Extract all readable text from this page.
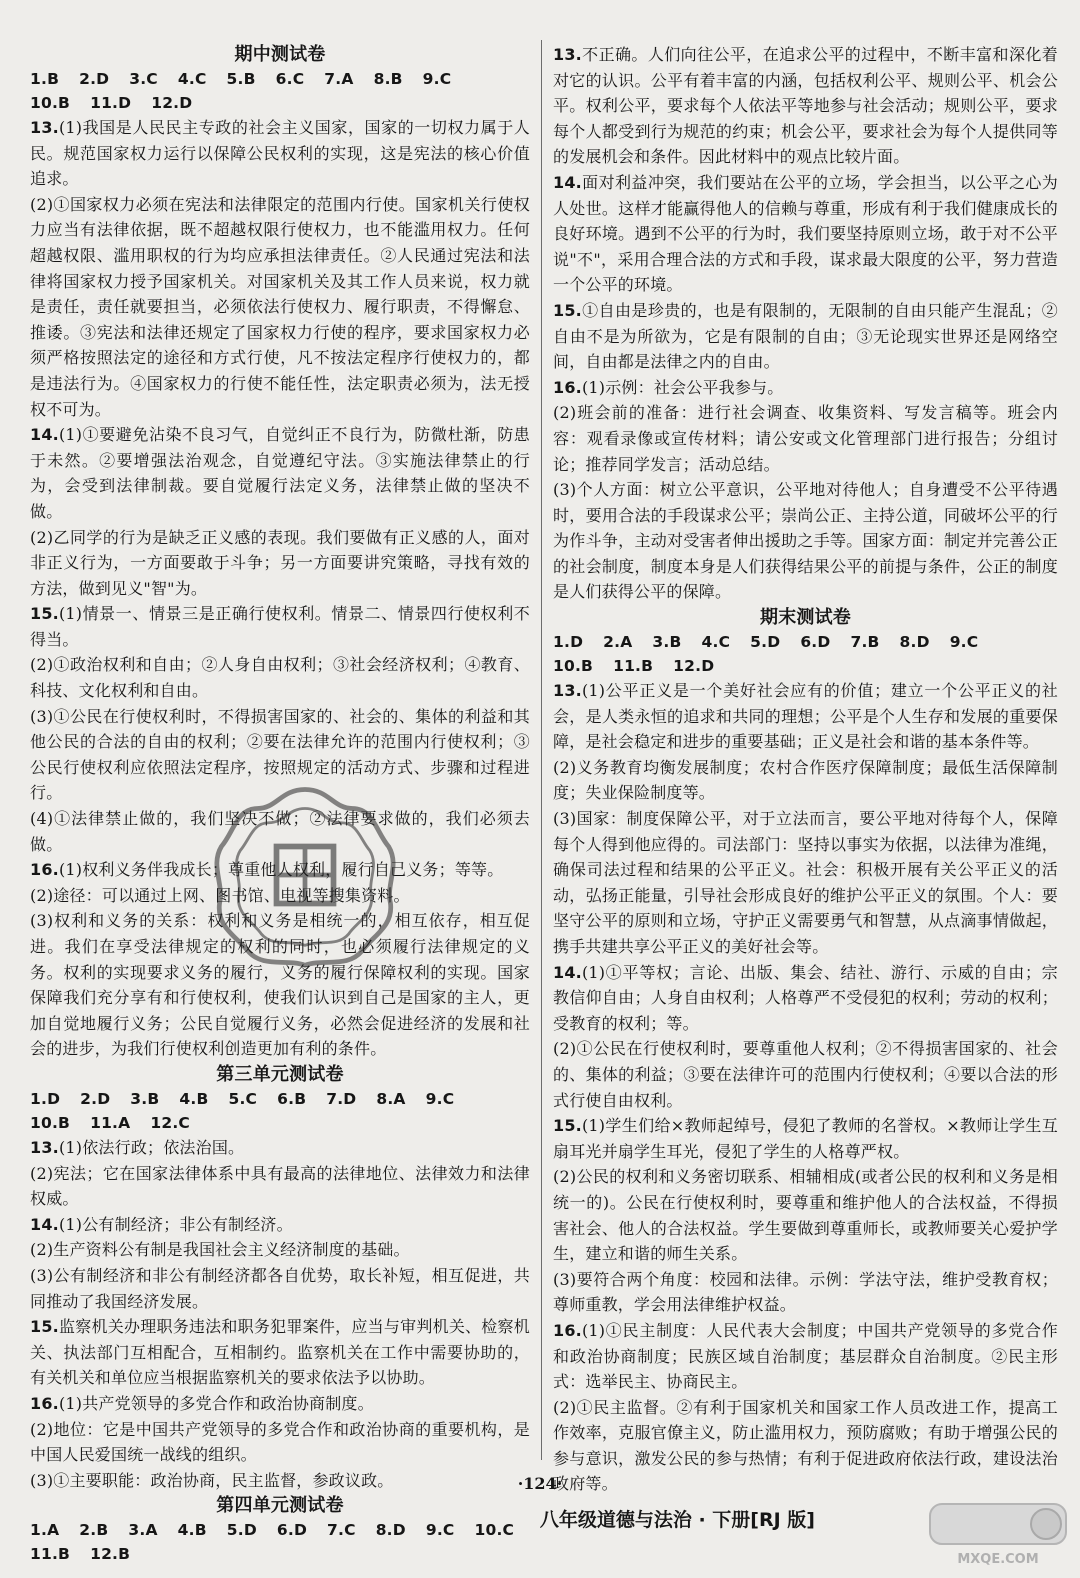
期中测试卷
1.B 2.D 3.C 4.C 5.B 6.C 7.A 8.B 9.C
10.B 11.D 12.D
13.(1)我国是人民民主专政的社会主义国家，国家的一切权力属于人民。规范国家权力运行以保障公民权利的实现，这是宪法的核心价值追求。
(2)①国家权力必须在宪法和法律限定的范围内行使。国家机关行使权力应当有法律依据，既不超越权限行使权力，也不能滥用权力。任何超越权限、滥用职权的行为均应承担法律责任。②人民通过宪法和法律将国家权力授予国家机关。对国家机关及其工作人员来说，权力就是责任，责任就要担当，必须依法行使权力、履行职责，不得懈怠、推诿。③宪法和法律还规定了国家权力行使的程序，要求国家权力必须严格按照法定的途径和方式行使，凡不按法定程序行使权力的，都是违法行为。④国家权力的行使不能任性，法定职责必须为，法无授权不可为。
14.(1)①要避免沾染不良习气，自觉纠正不良行为，防微杜渐，防患于未然。②要增强法治观念，自觉遵纪守法。③实施法律禁止的行为，会受到法律制裁。要自觉履行法定义务，法律禁止做的坚决不做。
(2)乙同学的行为是缺乏正义感的表现。我们要做有正义感的人，面对非正义行为，一方面要敢于斗争；另一方面要讲究策略，寻找有效的方法，做到见义"智"为。
15.(1)情景一、情景三是正确行使权利。情景二、情景四行使权利不得当。
(2)①政治权利和自由；②人身自由权利；③社会经济权利；④教育、科技、文化权利和自由。
(3)①公民在行使权利时，不得损害国家的、社会的、集体的利益和其他公民的合法的自由的权利；②要在法律允许的范围内行使权利；③公民行使权利应依照法定程序，按照规定的活动方式、步骤和过程进行。
(4)①法律禁止做的，我们坚决不做；②法律要求做的，我们必须去做。
16.(1)权利义务伴我成长；尊重他人权利，履行自己义务；等等。
(2)途径：可以通过上网、图书馆、电视等搜集资料。
(3)权利和义务的关系：权利和义务是相统一的，相互依存，相互促进。我们在享受法律规定的权利的同时，也必须履行法律规定的义务。权利的实现要求义务的履行，义务的履行保障权利的实现。国家保障我们充分享有和行使权利，使我们认识到自己是国家的主人，更加自觉地履行义务；公民自觉履行义务，必然会促进经济的发展和社会的进步，为我们行使权利创造更加有利的条件。
第三单元测试卷
1.D 2.D 3.B 4.B 5.C 6.B 7.D 8.A 9.C
10.B 11.A 12.C
13.(1)依法行政；依法治国。
(2)宪法；它在国家法律体系中具有最高的法律地位、法律效力和法律权威。
14.(1)公有制经济；非公有制经济。
(2)生产资料公有制是我国社会主义经济制度的基础。
(3)公有制经济和非公有制经济都各自优势，取长补短，相互促进，共同推动了我国经济发展。
15.监察机关办理职务违法和职务犯罪案件，应当与审判机关、检察机关、执法部门互相配合，互相制约。监察机关在工作中需要协助的，有关机关和单位应当根据监察机关的要求依法予以协助。
16.(1)共产党领导的多党合作和政治协商制度。
(2)地位：它是中国共产党领导的多党合作和政治协商的重要机构，是中国人民爱国统一战线的组织。
(3)①主要职能：政治协商，民主监督，参政议政。
第四单元测试卷
1.A 2.B 3.A 4.B 5.D 6.D 7.C 8.D 9.C 10.C
11.B 12.B
13.不正确。人们向往公平，在追求公平的过程中，不断丰富和深化着对它的认识。公平有着丰富的内涵，包括权利公平、规则公平、机会公平。权利公平，要求每个人依法平等地参与社会活动；规则公平，要求每个人都受到行为规范的约束；机会公平，要求社会为每个人提供同等的发展机会和条件。因此材料中的观点比较片面。
14.面对利益冲突，我们要站在公平的立场，学会担当，以公平之心为人处世。这样才能赢得他人的信赖与尊重，形成有利于我们健康成长的良好环境。遇到不公平的行为时，我们要坚持原则立场，敢于对不公平说"不"，采用合理合法的方式和手段，谋求最大限度的公平，努力营造一个公平的环境。
15.①自由是珍贵的，也是有限制的，无限制的自由只能产生混乱；②自由不是为所欲为，它是有限制的自由；③无论现实世界还是网络空间，自由都是法律之内的自由。
16.(1)示例：社会公平我参与。
(2)班会前的准备：进行社会调查、收集资料、写发言稿等。班会内容：观看录像或宣传材料；请公安或文化管理部门进行报告；分组讨论；推荐同学发言；活动总结。
(3)个人方面：树立公平意识，公平地对待他人；自身遭受不公平待遇时，要用合法的手段谋求公平；崇尚公正、主持公道，同破坏公平的行为作斗争，主动对受害者伸出援助之手等。国家方面：制定并完善公正的社会制度，制度本身是人们获得结果公平的前提与条件，公正的制度是人们获得公平的保障。
期末测试卷
1.D 2.A 3.B 4.C 5.D 6.D 7.B 8.D 9.C
10.B 11.B 12.D
13.(1)公平正义是一个美好社会应有的价值；建立一个公平正义的社会，是人类永恒的追求和共同的理想；公平是个人生存和发展的重要保障，是社会稳定和进步的重要基础；正义是社会和谐的基本条件等。
(2)义务教育均衡发展制度；农村合作医疗保障制度；最低生活保障制度；失业保险制度等。
(3)国家：制度保障公平，对于立法而言，要公平地对待每个人，保障每个人得到他应得的。司法部门：坚持以事实为依据，以法律为准绳，确保司法过程和结果的公平正义。社会：积极开展有关公平正义的活动，弘扬正能量，引导社会形成良好的维护公平正义的氛围。个人：要坚守公平的原则和立场，守护正义需要勇气和智慧，从点滴事情做起，携手共建共享公平正义的美好社会等。
14.(1)①平等权；言论、出版、集会、结社、游行、示威的自由；宗教信仰自由；人身自由权利；人格尊严不受侵犯的权利；劳动的权利；受教育的权利；等。
(2)①公民在行使权利时，要尊重他人权利；②不得损害国家的、社会的、集体的利益；③要在法律许可的范围内行使权利；④要以合法的形式行使自由权利。
15.(1)学生们给×教师起绰号，侵犯了教师的名誉权。×教师让学生互扇耳光并扇学生耳光，侵犯了学生的人格尊严权。
(2)公民的权利和义务密切联系、相辅相成(或者公民的权利和义务是相统一的)。公民在行使权利时，要尊重和维护他人的合法权益，不得损害社会、他人的合法权益。学生要做到尊重师长，或教师要关心爱护学生，建立和谐的师生关系。
(3)要符合两个角度：校园和法律。示例：学法守法，维护受教育权；尊师重教，学会用法律维护权益。
16.(1)①民主制度：人民代表大会制度；中国共产党领导的多党合作和政治协商制度；民族区域自治制度；基层群众自治制度。②民主形式：选举民主、协商民主。
(2)①民主监督。②有利于国家机关和国家工作人员改进工作，提高工作效率，克服官僚主义，防止滥用权力，预防腐败；有助于增强公民的参与意识，激发公民的参与热情；有利于促进政府依法行政，建设法治政府等。
·124·
八年级道德与法治 · 下册[RJ 版]
MXQE.COM
